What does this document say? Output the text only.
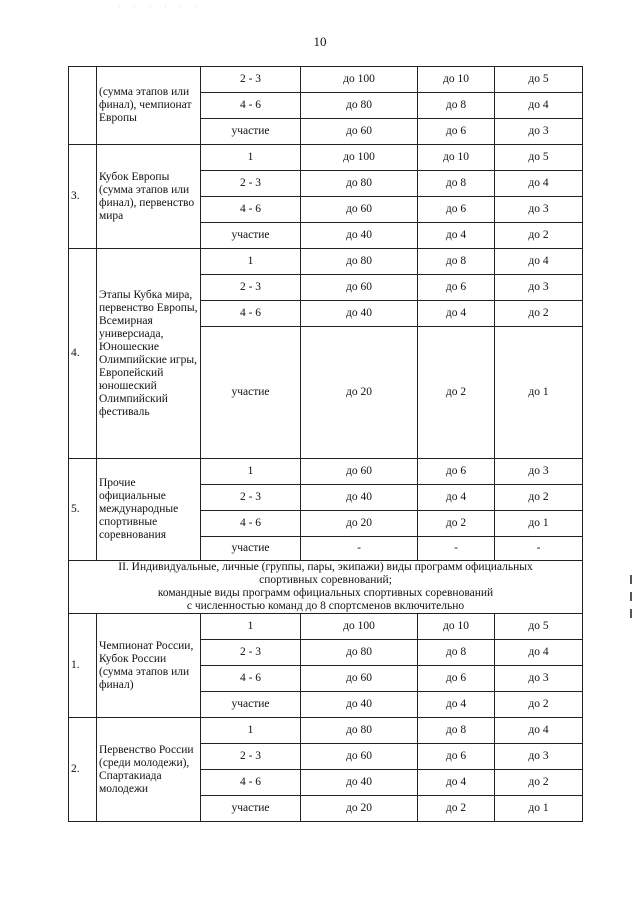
· · · · · ·
10
	(сумма этапов или финал), чемпионат Европы	2 - 3	до 100	до 10	до 5
		4 - 6	до 80	до 8	до 4
		участие	до 60	до 6	до 3
3.	Кубок Европы (сумма этапов или финал), первенство мира	1	до 100	до 10	до 5
		2 - 3	до 80	до 8	до 4
		4 - 6	до 60	до 6	до 3
		участие	до 40	до 4	до 2
4.	Этапы Кубка мира, первенство Европы, Всемирная универсиада, Юношеские Олимпийские игры, Европейский юношеский Олимпийский фестиваль	1	до 80	до 8	до 4
		2 - 3	до 60	до 6	до 3
		4 - 6	до 40	до 4	до 2
		участие	до 20	до 2	до 1
5.	Прочие официальные международные спортивные соревнования	1	до 60	до 6	до 3
		2 - 3	до 40	до 4	до 2
		4 - 6	до 20	до 2	до 1
		участие	-	-	-

II. Индивидуальные, личные (группы, пары, экипажи) виды программ официальных
спортивных соревнований;
командные виды программ официальных спортивных соревнований
с численностью команд до 8 спортсменов включительно					

1.	Чемпионат России, Кубок России (сумма этапов или финал)	1	до 100	до 10	до 5
		2 - 3	до 80	до 8	до 4
		4 - 6	до 60	до 6	до 3
		участие	до 40	до 4	до 2
2.	Первенство России (среди молодежи), Спартакиада молодежи	1	до 80	до 8	до 4
		2 - 3	до 60	до 6	до 3
		4 - 6	до 40	до 4	до 2
		участие	до 20	до 2	до 1
